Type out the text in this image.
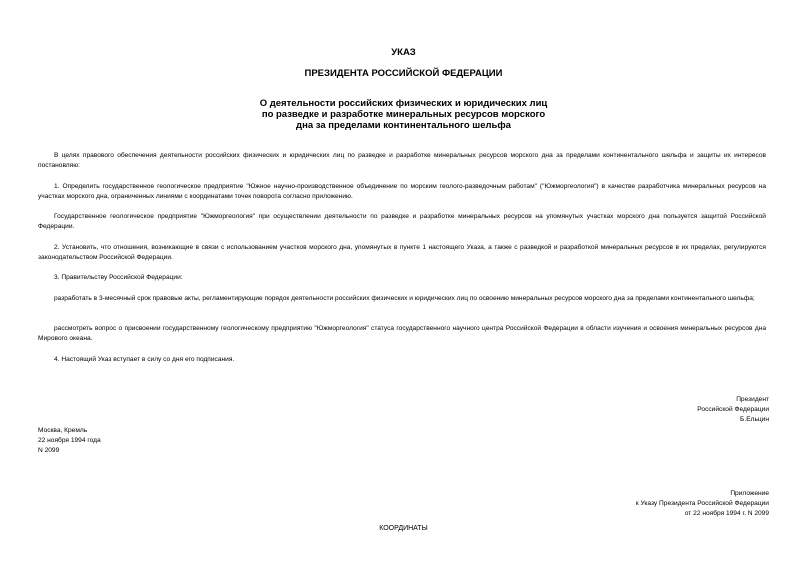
УКАЗ
ПРЕЗИДЕНТА РОССИЙСКОЙ ФЕДЕРАЦИИ
О деятельности российских физических и юридических лиц
по разведке и разработке минеральных ресурсов морского
дна за пределами континентального шельфа
В целях правового обеспечения деятельности российских физических и юридических лиц по разведке и разработке минеральных ресурсов морского дна за пределами континентального шельфа и защиты их интересов постановляю:
1. Определить государственное геологическое предприятие "Южное научно-производственное объединение по морским геолого-разведочным работам" ("Южморгеология") в качестве разработчика минеральных ресурсов на участках морского дна, ограниченных линиями с координатами точек поворота согласно приложению.
Государственное геологическое предприятие "Южморгеология" при осуществлении деятельности по разведке и разработке минеральных ресурсов на упомянутых участках морского дна пользуется защитой Российской Федерации.
2. Установить, что отношения, возникающие в связи с использованием участков морского дна, упомянутых в пункте 1 настоящего Указа, а также с разведкой и разработкой минеральных ресурсов в их пределах, регулируются законодательством Российской Федерации.
3. Правительству Российской Федерации:
разработать в 3-месячный срок правовые акты, регламентирующие порядок деятельности российских физических и юридических лиц по освоению минеральных ресурсов морского дна за пределами континентального шельфа;
рассмотреть вопрос о присвоении государственному геологическому предприятию "Южморгеология" статуса государственного научного центра Российской Федерации в области изучения и освоения минеральных ресурсов дна Мирового океана.
4. Настоящий Указ вступает в силу со дня его подписания.
Президент
Российской Федерации
Б.Ельцин
Москва, Кремль
22 ноября 1994 года
N 2099
Приложение
к Указу Президента Российской Федерации
от 22 ноября 1994 г. N 2099
КООРДИНАТЫ
